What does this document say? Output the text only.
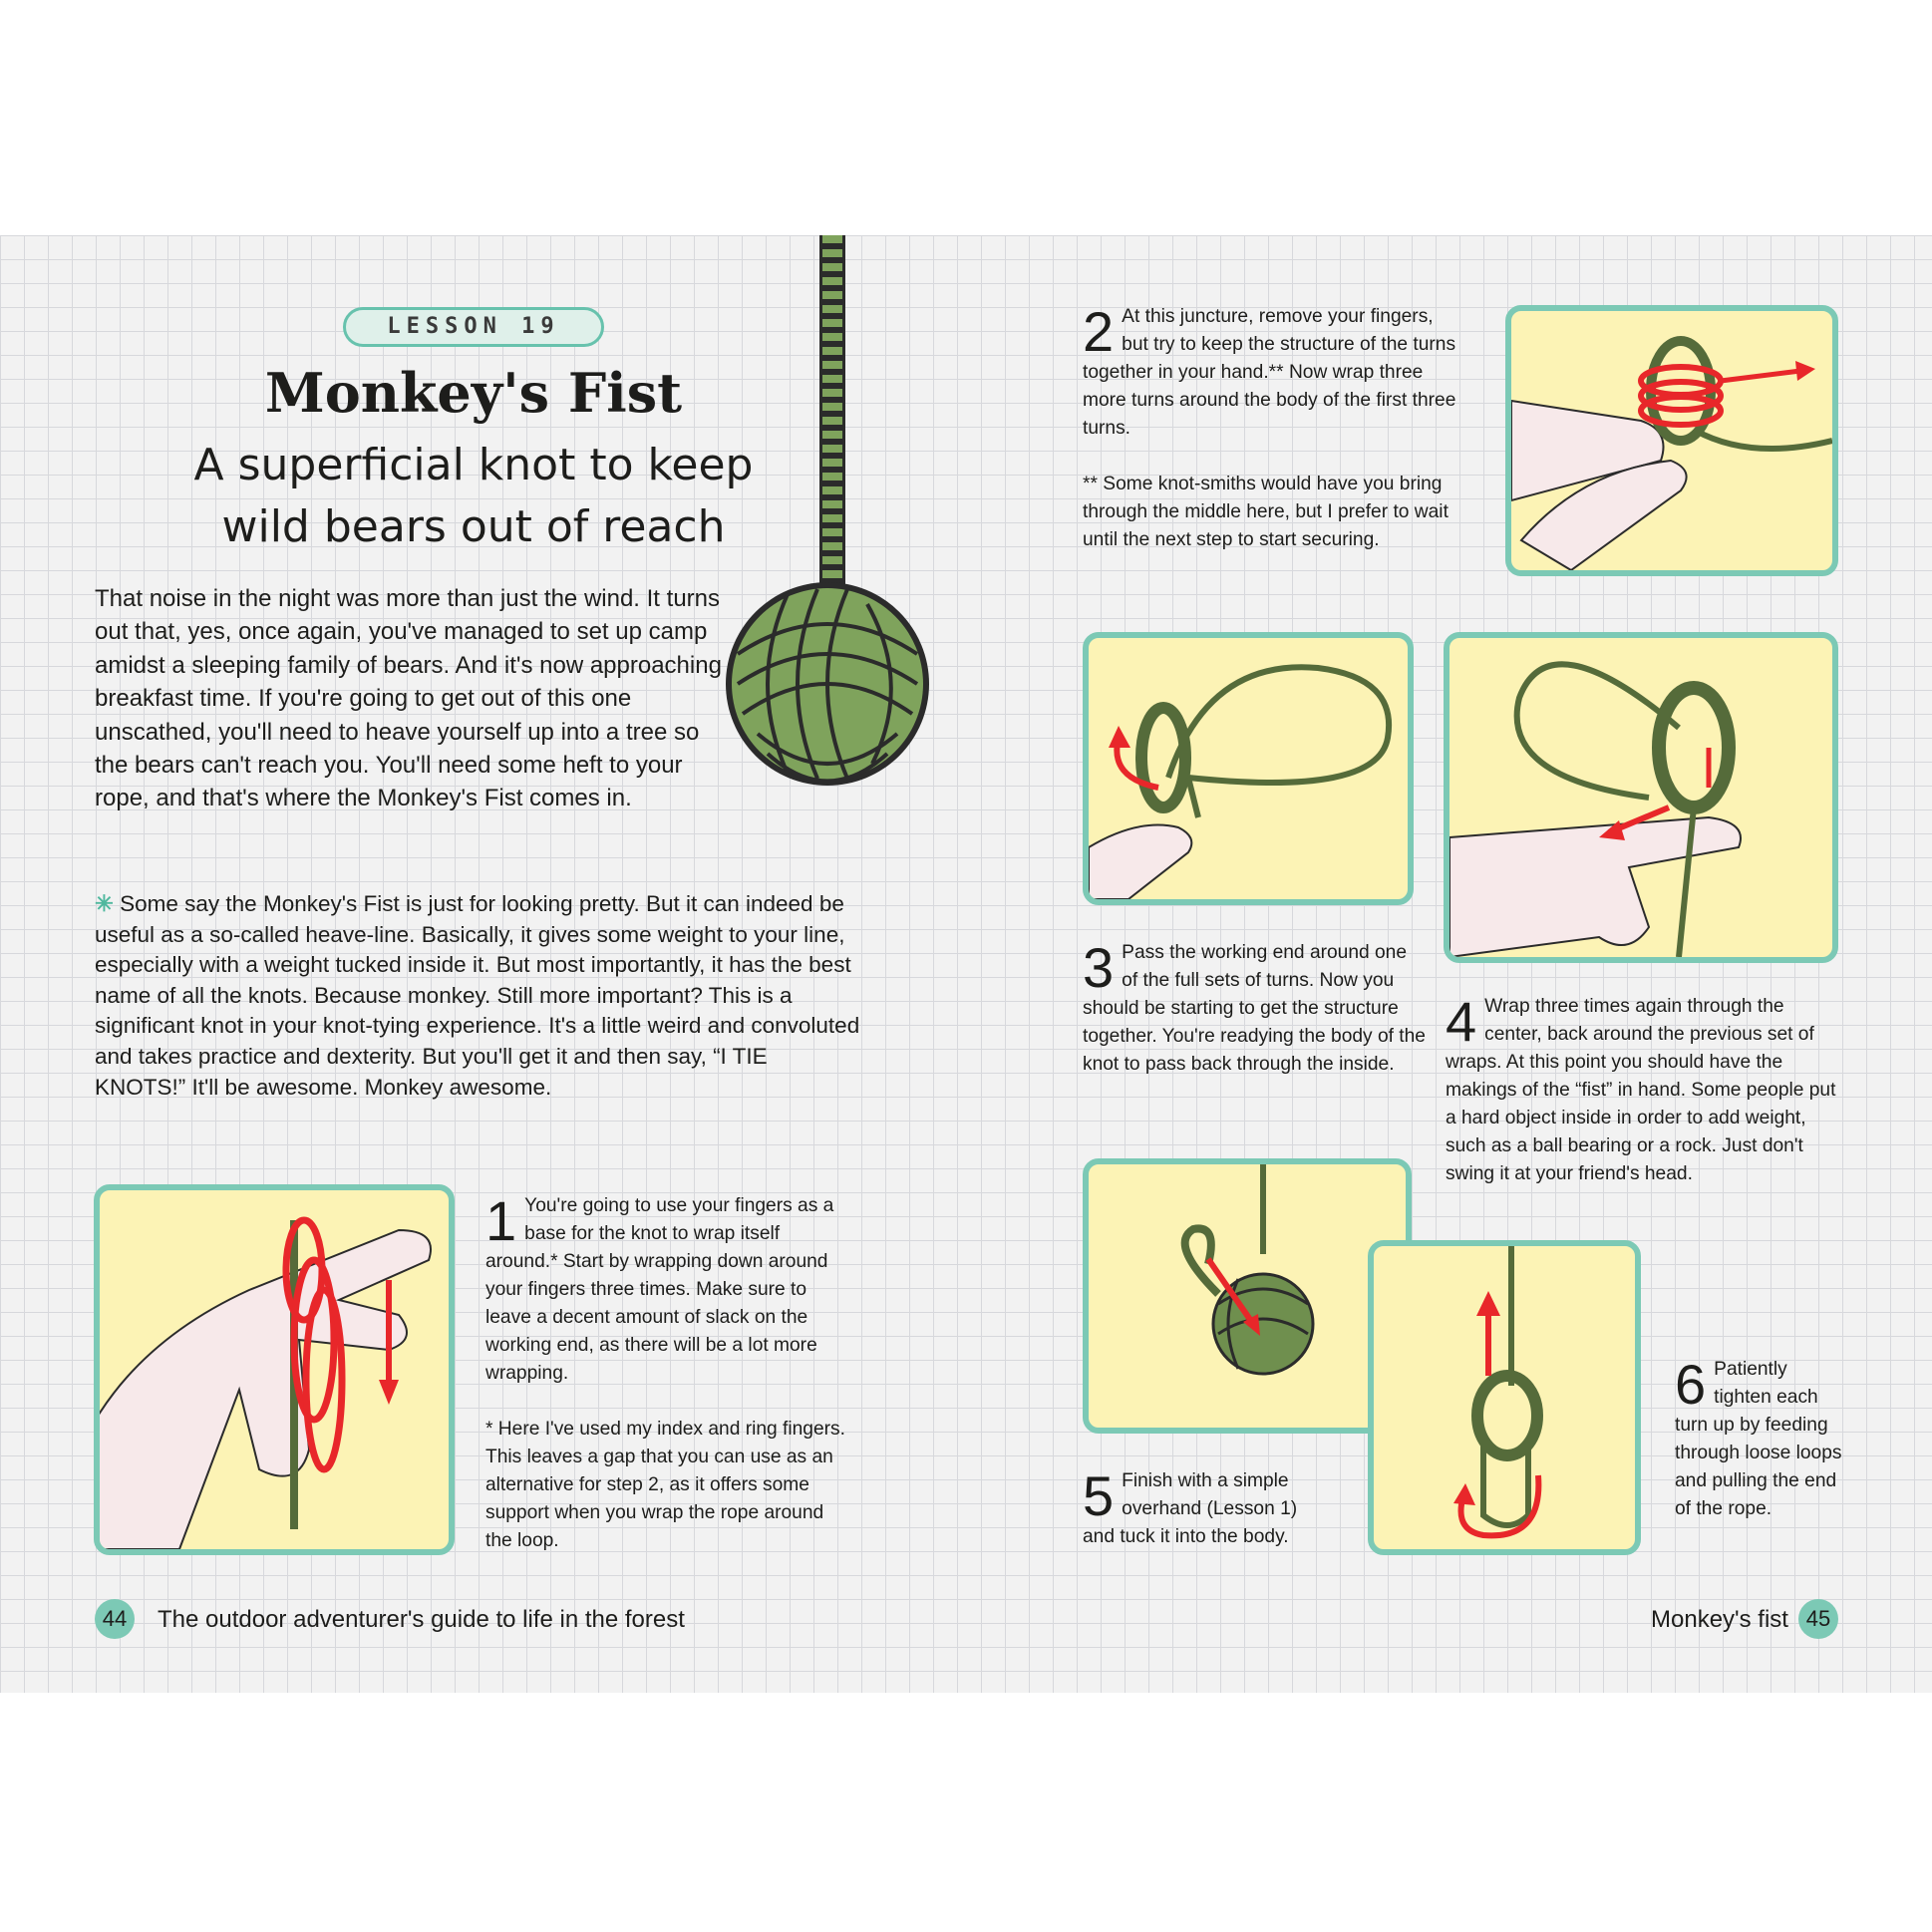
LESSON 19
Monkey's Fist
A superficial knot to keep
wild bears out of reach
That noise in the night was more than just the wind. It turns out that, yes, once again, you've managed to set up camp amidst a sleeping family of bears. And it's now approaching breakfast time. If you're going to get out of this one unscathed, you'll need to heave yourself up into a tree so the bears can't reach you. You'll need some heft to your rope, and that's where the Monkey's Fist comes in.
✳ Some say the Monkey's Fist is just for looking pretty. But it can indeed be useful as a so-called heave-line. Basically, it gives some weight to your line, especially with a weight tucked inside it. But most importantly, it has the best name of all the knots. Because monkey. Still more important? This is a significant knot in your knot-tying experience. It's a little weird and convoluted and takes practice and dexterity. But you'll get it and then say, “I TIE KNOTS!” It'll be awesome. Monkey awesome.
1 You're going to use your fingers as a base for the knot to wrap itself around.* Start by wrapping down around your fingers three times. Make sure to leave a decent amount of slack on the working end, as there will be a lot more wrapping.
* Here I've used my index and ring fingers. This leaves a gap that you can use as an alternative for step 2, as it offers some support when you wrap the rope around the loop.
2 At this juncture, remove your fingers, but try to keep the structure of the turns together in your hand.** Now wrap three more turns around the body of the first three turns.
** Some knot-smiths would have you bring through the middle here, but I prefer to wait until the next step to start securing.
3 Pass the working end around one of the full sets of turns. Now you should be starting to get the structure together. You're readying the body of the knot to pass back through the inside.
4 Wrap three times again through the center, back around the previous set of wraps. At this point you should have the makings of the “fist” in hand. Some people put a hard object inside in order to add weight, such as a ball bearing or a rock. Just don't swing it at your friend's head.
5 Finish with a simple overhand (Lesson 1) and tuck it into the body.
6 Patiently tighten each turn up by feeding through loose loops and pulling the end of the rope.
44	The outdoor adventurer's guide to life in the forest	Monkey's fist 45
